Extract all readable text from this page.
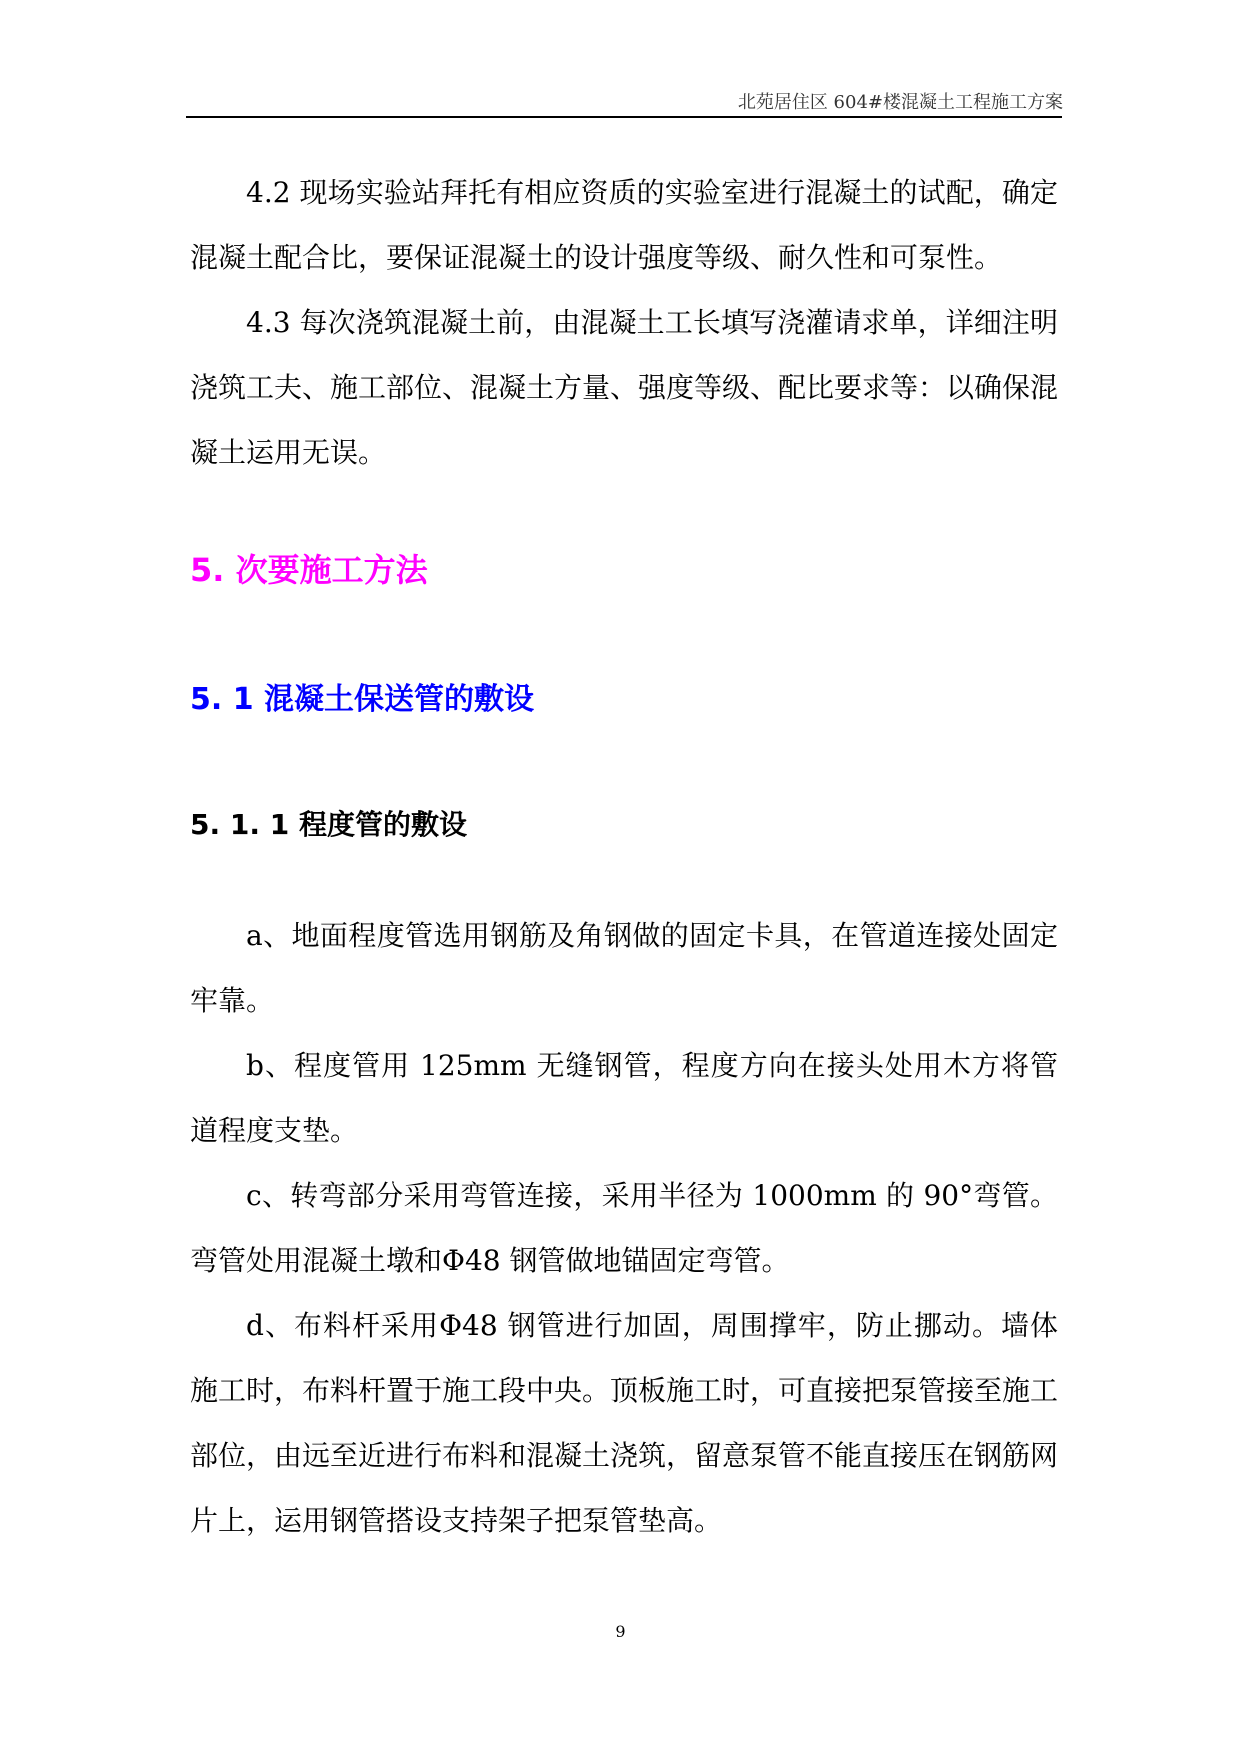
北苑居住区 604#楼混凝土工程施工方案

4.2 现场实验站拜托有相应资质的实验室进行混凝土的试配，确定混凝土配合比，要保证混凝土的设计强度等级、耐久性和可泵性。

4.3 每次浇筑混凝土前，由混凝土工长填写浇灌请求单，详细注明浇筑工夫、施工部位、混凝土方量、强度等级、配比要求等：以确保混凝土运用无误。

5. 次要施工方法
5. 1 混凝土保送管的敷设
5. 1. 1 程度管的敷设

a、地面程度管选用钢筋及角钢做的固定卡具，在管道连接处固定牢靠。

b、程度管用 125mm 无缝钢管，程度方向在接头处用木方将管道程度支垫。

c、转弯部分采用弯管连接，采用半径为 1000mm 的 90°弯管。弯管处用混凝土墩和Φ48 钢管做地锚固定弯管。

d、布料杆采用Φ48 钢管进行加固，周围撑牢，防止挪动。墙体施工时，布料杆置于施工段中央。顶板施工时，可直接把泵管接至施工部位，由远至近进行布料和混凝土浇筑，留意泵管不能直接压在钢筋网片上，运用钢管搭设支持架子把泵管垫高。

9
